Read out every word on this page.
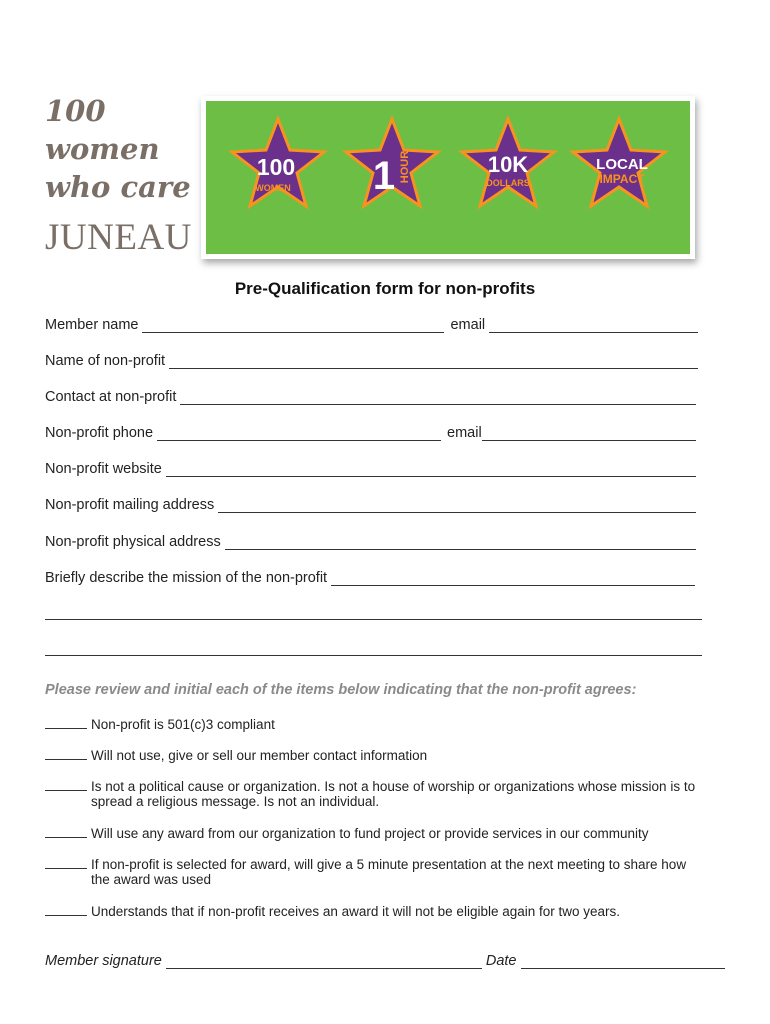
100
women
who care
JUNEAU
100
WOMEN 1 HOUR	10K
DOLLARS
LOCAL
IMPACT
Pre-Qualification form for non-profits
Member name	email
Name of non-profit
Contact at non-profit
Non-profit phone	email
Non-profit website
Non-profit mailing address
Non-profit physical address
Briefly describe the mission of the non-profit
Please review and initial each of the items below indicating that the non-profit agrees:
Non-profit is 501(c)3 compliant
Will not use, give or sell our member contact information
Is not a political cause or organization. Is not a house of worship or organizations whose mission is to
spread a religious message. Is not an individual.
Will use any award from our organization to fund project or provide services in our community
If non-profit is selected for award, will give a 5 minute presentation at the next meeting to share how
the award was used
Understands that if non-profit receives an award it will not be eligible again for two years.
Member signature	Date
